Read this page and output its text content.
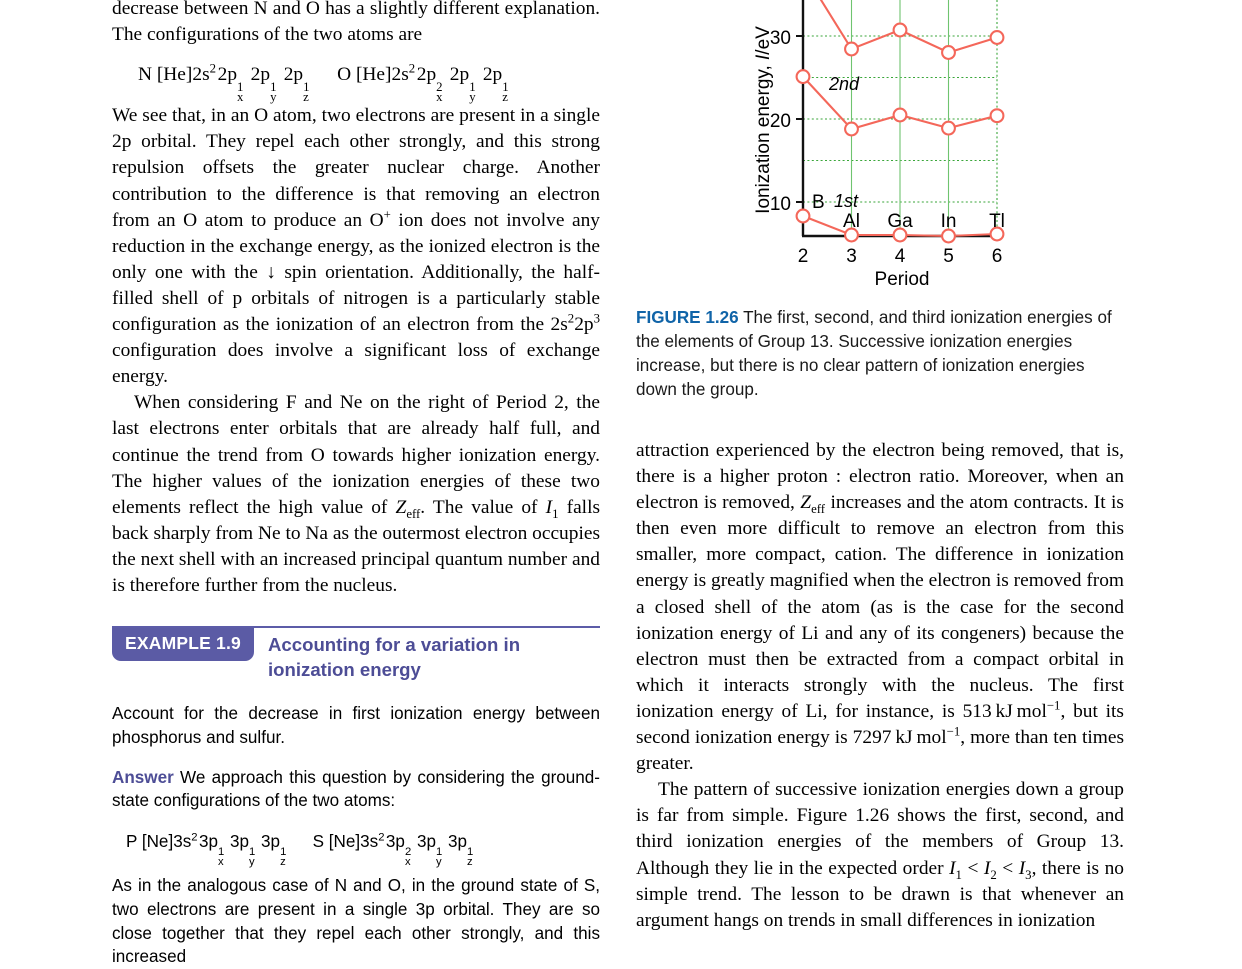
decrease between N and O has a slightly different explana​tion. The configurations of the two atoms are

N $[He]2s^2$ 2p
1
x
 2p
1
y
 2p
1
z
O $[He]2s^2$ 2p
2
x
 2p
1
y
 2p
1
z

We see that, in an O atom, two electrons are present in a single 2p orbital. They repel each other strongly, and this strong repulsion offsets the greater nuclear charge. Another contribution to the difference is that removing an electron from an O atom to produce an O+ ion does not involve any reduction in the exchange energy, as the ionized electron is the only one with the ↓ spin orientation. Additionally, the half-filled shell of p orbitals of nitrogen is a particularly stable configuration as the ionization of an electron from the $2s^22p^3$ configuration does involve a significant loss of exchange energy.

When considering F and Ne on the right of Period 2, the last electrons enter orbitals that are already half full, and continue the trend from O towards higher ionization energy. The higher values of the ionization energies of these two elements reflect the high value of $Z_{eff}$. The value of $I_1$ falls back sharply from Ne to Na as the outermost electron occupies the next shell with an increased principal quantum number and is therefore further from the nucleus.

EXAMPLE 1.9	Accounting for a variation in ionization energy

Account for the decrease in first ionization energy between phosphorus and sulfur.

Answer We approach this question by considering the ground-state configurations of the two atoms:

P $[Ne]3s^2$ 3p
1
x
 3p
1
y
 3p
1
z
S $[Ne]3s^2$ 3p
2
x
 3p
1
y
 3p
1
z

As in the analogous case of N and O, in the ground state of S, two electrons are present in a single 3p orbital. They are so close together that they repel each other strongly, and this increased

30
20
10
2 3 4 5 6
B
Al Ga In Tl
1st
2nd
Period
Ionization energy, I/eV

FIGURE 1.26 The first, second, and third ionization energies of the elements of Group 13. Successive ionization energies increase, but there is no clear pattern of ionization energies down the group.

attraction experienced by the electron being removed, that is, there is a higher proton : electron ratio. Moreover, when an electron is removed, $Z_{eff}$ increases and the atom con​tracts. It is then even more difficult to remove an electron from this smaller, more compact, cation. The difference in ionization energy is greatly magnified when the electron is removed from a closed shell of the atom (as is the case for the second ionization energy of Li and any of its congeners) because the electron must then be extracted from a compact orbital in which it interacts strongly with the nucleus. The first ionization energy of Li, for instance, is 513 kJ mol$^{-1}$, but its second ionization energy is 7297 kJ mol$^{-1}$, more than ten times greater.

The pattern of successive ionization energies down a group is far from simple. Figure 1.26 shows the first, second, and third ionization energies of the members of Group 13. Although they lie in the expected order $I_1 < I_2 < I_3$, there is no simple trend. The lesson to be drawn is that whenever an argument hangs on trends in small differences in ionization
